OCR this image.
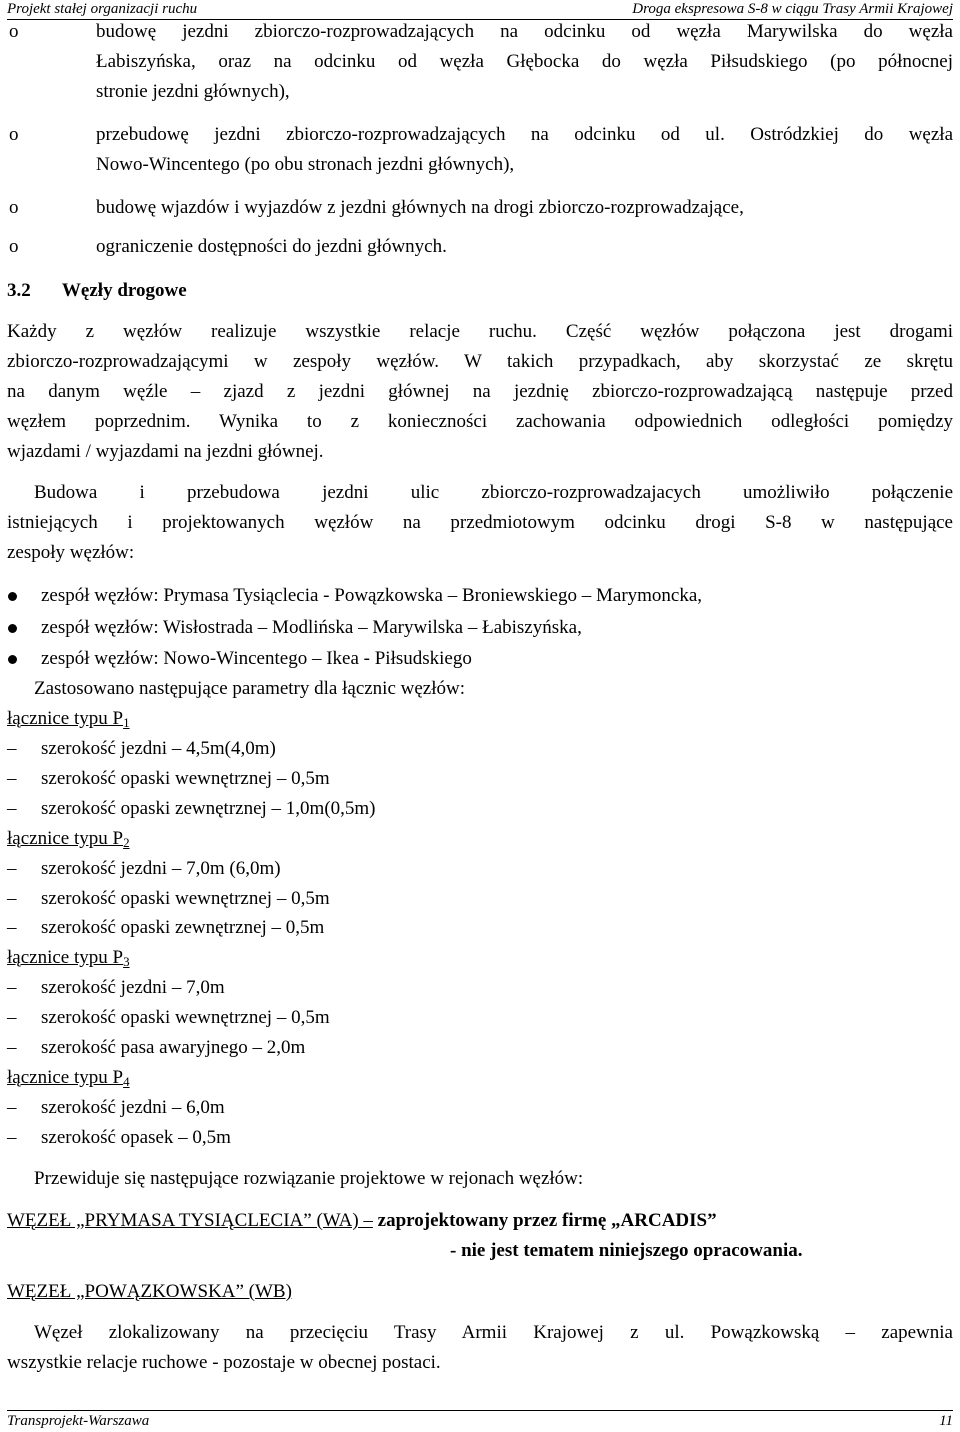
Projekt stałej organizacji ruchu	Droga ekspresowa S-8 w ciągu Trasy Armii Krajowej
o	budowę jezdni zbiorczo-rozprowadzających na odcinku od węzła Marywilska do węzła
Łabiszyńska, oraz na odcinku od węzła Głębocka do węzła Piłsudskiego (po północnej
stronie jezdni głównych),
o	przebudowę jezdni zbiorczo-rozprowadzających na odcinku od ul. Ostródzkiej do węzła
Nowo-Wincentego (po obu stronach jezdni głównych),
o	budowę wjazdów i wyjazdów z jezdni głównych na drogi zbiorczo-rozprowadzające,
o	ograniczenie dostępności do jezdni głównych.
3.2 Węzły drogowe
Każdy z węzłów realizuje wszystkie relacje ruchu. Część węzłów połączona jest drogami
zbiorczo-rozprowadzającymi w zespoły węzłów. W takich przypadkach, aby skorzystać ze skrętu
na danym węźle – zjazd z jezdni głównej na jezdnię zbiorczo-rozprowadzającą następuje przed
węzłem poprzednim. Wynika to z konieczności zachowania odpowiednich odległości pomiędzy
wjazdami / wyjazdami na jezdni głównej.
Budowa i przebudowa jezdni ulic zbiorczo-rozprowadzajacych umożliwiło połączenie
istniejących i projektowanych węzłów na przedmiotowym odcinku drogi S-8 w następujące
zespoły węzłów:
zespół węzłów: Prymasa Tysiąclecia - Powązkowska – Broniewskiego – Marymoncka,
zespół węzłów: Wisłostrada – Modlińska – Marywilska – Łabiszyńska,
zespół węzłów: Nowo-Wincentego – Ikea - Piłsudskiego
Zastosowano następujące parametry dla łącznic węzłów:
łącznice typu $P_1$
– szerokość jezdni – 4,5m(4,0m)
– szerokość opaski wewnętrznej – 0,5m
– szerokość opaski zewnętrznej – 1,0m(0,5m)
łącznice typu $P_2$
– szerokość jezdni – 7,0m (6,0m)
– szerokość opaski wewnętrznej – 0,5m
– szerokość opaski zewnętrznej – 0,5m
łącznice typu $P_3$
– szerokość jezdni – 7,0m
– szerokość opaski wewnętrznej – 0,5m
– szerokość pasa awaryjnego – 2,0m
łącznice typu $P_4$
– szerokość jezdni – 6,0m
– szerokość opasek – 0,5m
Przewiduje się następujące rozwiązanie projektowe w rejonach węzłów:
WĘZEŁ „PRYMASA TYSIĄCLECIA” (WA) – zaprojektowany przez firmę „ARCADIS”
- nie jest tematem niniejszego opracowania.
WĘZEŁ „POWĄZKOWSKA” (WB)
Węzeł zlokalizowany na przecięciu Trasy Armii Krajowej z ul. Powązkowską – zapewnia
wszystkie relacje ruchowe - pozostaje w obecnej postaci.
Transprojekt-Warszawa	11
